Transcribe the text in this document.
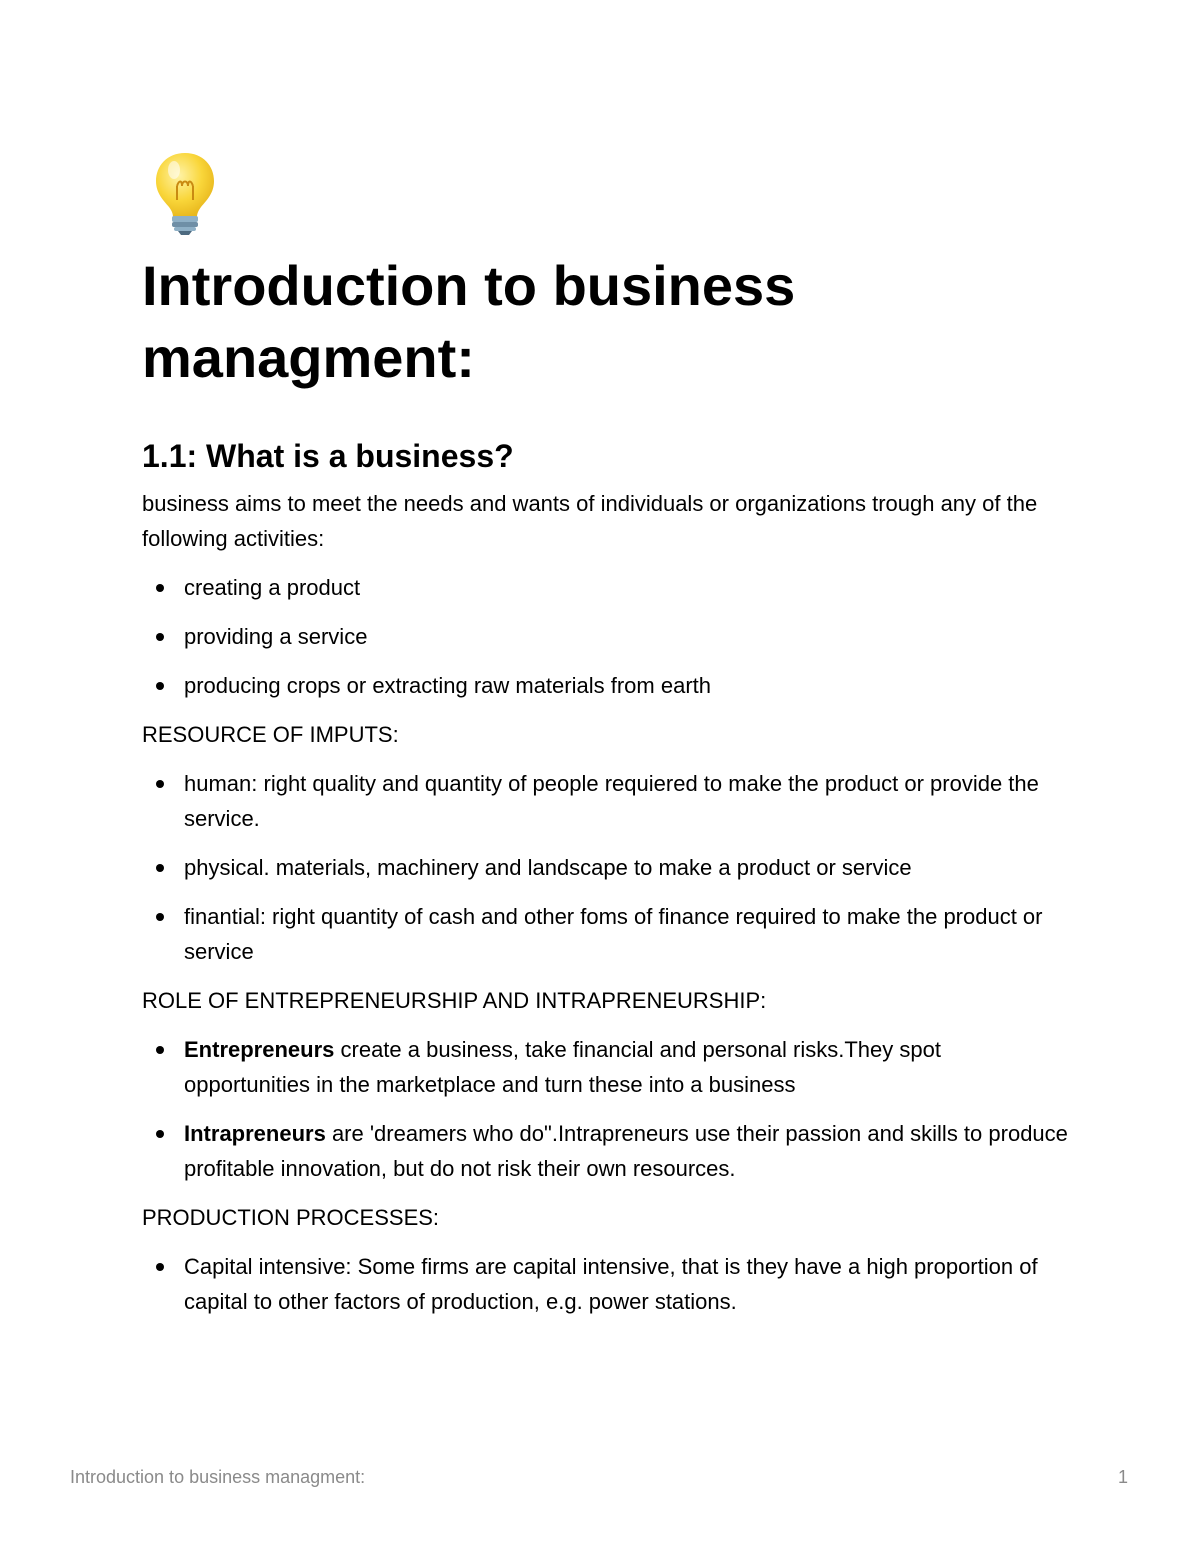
Introduction to business managment:
1.1: What is a business?

business aims to meet the needs and wants of individuals or organizations trough any of the following activities:

creating a product
providing a service
producing crops or extracting raw materials from earth

RESOURCE OF IMPUTS:

human: right quality and quantity of people requiered to make the product or provide the service.
physical. materials, machinery and landscape to make a product or service
finantial: right quantity of cash and other foms of finance required to make the product or service

ROLE OF ENTREPRENEURSHIP AND INTRAPRENEURSHIP:

Entrepreneurs create a business, take financial and personal risks.They spot opportunities in the marketplace and turn these into a business
Intrapreneurs are 'dreamers who do".Intrapreneurs use their passion and skills to produce profitable innovation, but do not risk their own resources.

PRODUCTION PROCESSES:

Capital intensive: Some firms are capital intensive, that is they have a high proportion of capital to other factors of production, e.g. power stations.
Introduction to business managment:	1
